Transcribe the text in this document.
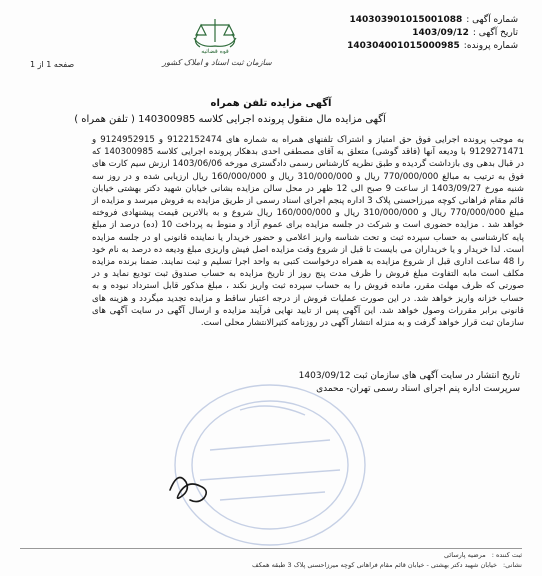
شماره آگهی :
140303901015001088
تاریخ آگهی :
1403/09/12
شماره پرونده:
140304001015000985
قوه قضائیه
سازمان ثبت اسناد و املاک کشور
صفحه 1 از 1
آگهی مزایده تلفن همراه
آگهی مزایده مال منقول پرونده اجرایی کلاسه 140300985 ( تلفن همراه )
به موجب پرونده اجرایی فوق حق امتیاز و اشتراک تلفنهای همراه به شماره های 9122152474 و 9124952915 و 9129271471 با ودیعه آنها (فاقد گوشی) متعلق به آقای مصطفی احدی بدهکار پرونده اجرایی کلاسه 140300985 که در قبال بدهی وی بازداشت گردیده و طبق نظریه کارشناس رسمی دادگستری مورخه 1403/06/06 ارزش سیم کارت های فوق به ترتیب به مبالغ 770/000/000 ریال و 310/000/000 ریال و 160/000/000 ریال ارزیابی شده و در روز سه شنبه مورخ 1403/09/27 از ساعت 9 صبح الی 12 ظهر در محل سالن مزایده بشانی خیابان شهید دکتر بهشتی خیابان قائم مقام فراهانی کوچه میرزاحسنی پلاک 3 اداره پنجم اجرای اسناد رسمی از طریق مزایده به فروش میرسد و مزایده از مبلغ 770/000/000 ریال و 310/000/000 ریال و 160/000/000 ریال شروع و به بالاترین قیمت پیشنهادی فروخته خواهد شد . مزایده حضوری است و شرکت در جلسه مزایده برای عموم آزاد و منوط به پرداخت 10 (ده) درصد از مبلغ پایه کارشناسی به حساب سپرده ثبت و تحت شناسه واریز اعلامی و حضور خریدار یا نماینده قانونی او در جلسه مزایده است. لذا خریدار و یا خریداران می بایست تا قبل از شروع وقت مزایده اصل فیش واریزی مبلغ ودیعه ده درصد به نام خود را 48 ساعت اداری قبل از شروع مزایده به همراه درخواست کتبی به واحد اجرا تسلیم و ثبت نمایند. ضمنا برنده مزایده مکلف است مابه التفاوت مبلغ فروش را ظرف مدت پنج روز از تاریخ مزایده به حساب صندوق ثبت تودیع نماید و در صورتی که ظرف مهلت مقرر، مانده فروش را به حساب سپرده ثبت واریز نکند ، مبلغ مذکور قابل استرداد نبوده و به حساب خزانه واریز خواهد شد. در این صورت عملیات فروش از درجه اعتبار ساقط و مزایده تجدید میگردد و هزینه های قانونی برابر مقررات وصول خواهد شد. این آگهی پس از تایید نهایی فرآیند مزایده و ارسال آگهی در سایت آگهی های سازمان ثبت قرار خواهد گرفت و به منزله انتشار آگهی در روزنامه کثیرالانتشار محلی است.
تاریخ انتشار در سایت آگهی های سازمان ثبت 1403/09/12
سرپرست اداره پنم اجرای اسناد رسمی تهران- محمدی
ثبت کننده :
مرضیه پارسائی
نشانی:
خیابان شهید دکتر بهشتی - خیابان قائم مقام فراهانی کوچه میرزاحسنی پلاک 3 طبقه همکف
